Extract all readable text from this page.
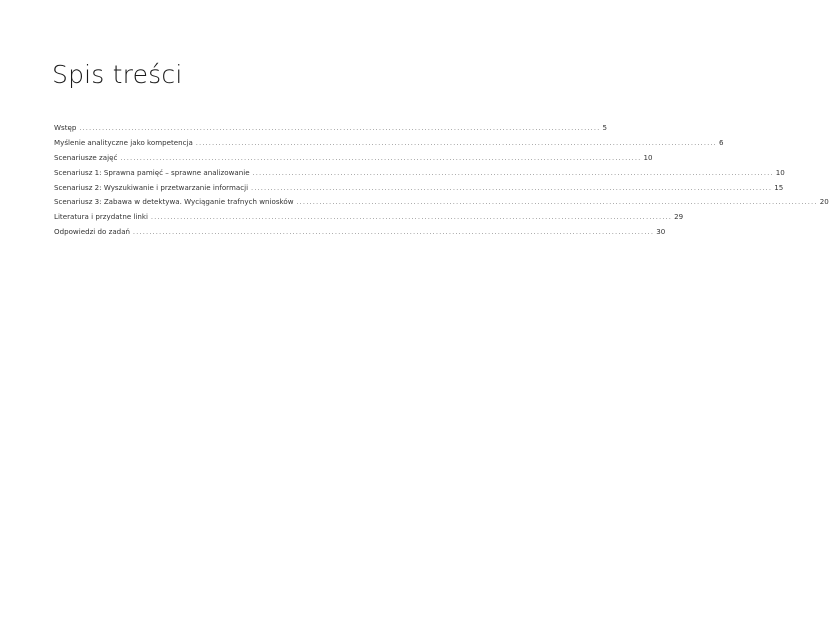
Spis treści
Wstęp ................................................................................................................................................................ 5
Myślenie analityczne jako kompetencja ................................................................................................................................................................ 6
Scenariusze zajęć ................................................................................................................................................................ 10
Scenariusz 1: Sprawna pamięć – sprawne analizowanie ................................................................................................................................................................ 10
Scenariusz 2: Wyszukiwanie i przetwarzanie informacji ................................................................................................................................................................ 15
Scenariusz 3: Zabawa w detektywa. Wyciąganie trafnych wniosków ................................................................................................................................................................ 20
Literatura i przydatne linki ................................................................................................................................................................ 29
Odpowiedzi do zadań ................................................................................................................................................................ 30
